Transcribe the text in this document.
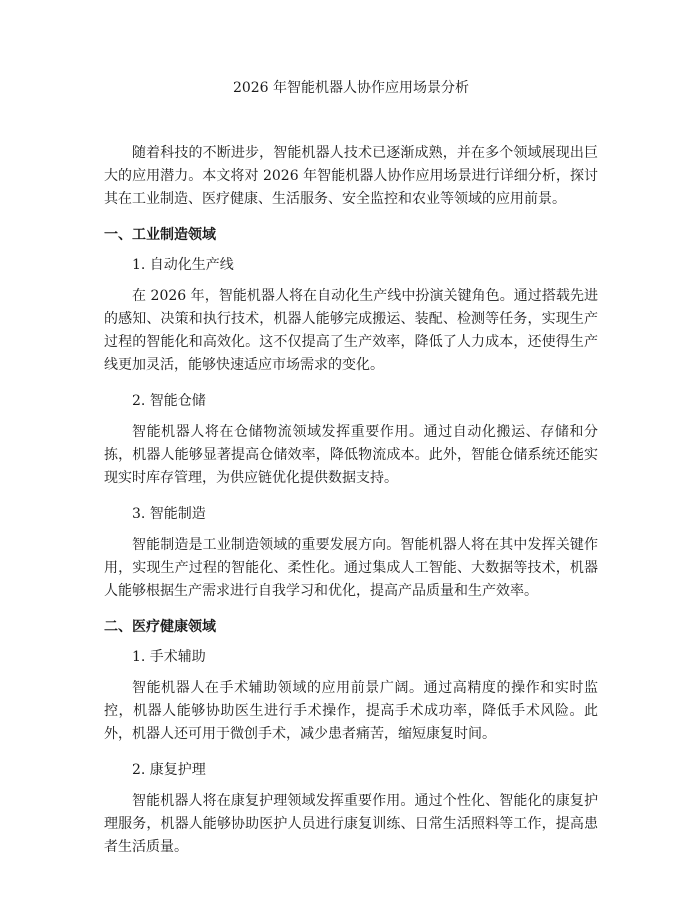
2026 年智能机器人协作应用场景分析

随着科技的不断进步，智能机器人技术已逐渐成熟，并在多个领域展现出巨大的应用潜力。本文将对 2026 年智能机器人协作应用场景进行详细分析，探讨其在工业制造、医疗健康、生活服务、安全监控和农业等领域的应用前景。

一、工业制造领域
1. 自动化生产线

在 2026 年，智能机器人将在自动化生产线中扮演关键角色。通过搭载先进的感知、决策和执行技术，机器人能够完成搬运、装配、检测等任务，实现生产过程的智能化和高效化。这不仅提高了生产效率，降低了人力成本，还使得生产线更加灵活，能够快速适应市场需求的变化。

2. 智能仓储

智能机器人将在仓储物流领域发挥重要作用。通过自动化搬运、存储和分拣，机器人能够显著提高仓储效率，降低物流成本。此外，智能仓储系统还能实现实时库存管理，为供应链优化提供数据支持。

3. 智能制造

智能制造是工业制造领域的重要发展方向。智能机器人将在其中发挥关键作用，实现生产过程的智能化、柔性化。通过集成人工智能、大数据等技术，机器人能够根据生产需求进行自我学习和优化，提高产品质量和生产效率。

二、医疗健康领域
1. 手术辅助

智能机器人在手术辅助领域的应用前景广阔。通过高精度的操作和实时监控，机器人能够协助医生进行手术操作，提高手术成功率，降低手术风险。此外，机器人还可用于微创手术，减少患者痛苦，缩短康复时间。

2. 康复护理

智能机器人将在康复护理领域发挥重要作用。通过个性化、智能化的康复护理服务，机器人能够协助医护人员进行康复训练、日常生活照料等工作，提高患者生活质量。
